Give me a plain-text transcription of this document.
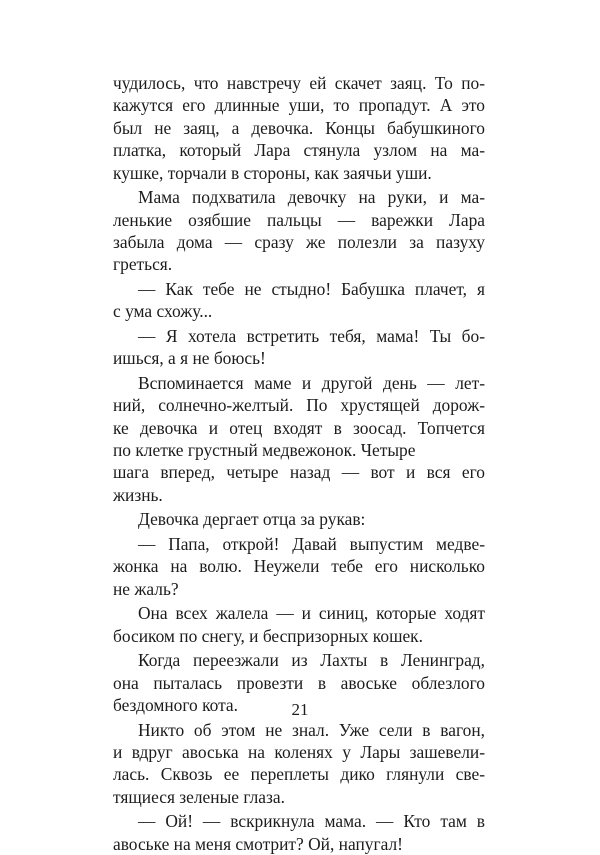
чудилось, что навстречу ей скачет заяц. То по-
кажутся его длинные уши, то пропадут. А это
был не заяц, а девочка. Концы бабушкиного
платка, который Лара стянула узлом на ма-
кушке, торчали в стороны, как заячьи уши.
Мама подхватила девочку на руки, и ма-
ленькие озябшие пальцы — варежки Лара
забыла дома — сразу же полезли за пазуху
греться.
— Как тебе не стыдно! Бабушка плачет, я
с ума схожу...
— Я хотела встретить тебя, мама! Ты бо-
ишься, а я не боюсь!
Вспоминается маме и другой день — лет-
ний, солнечно-желтый. По хрустящей дорож-
ке девочка и отец входят в зоосад. Топчется
по клетке грустный медвежонок. Четыре
шага вперед, четыре назад — вот и вся его
жизнь.
Девочка дергает отца за рукав:
— Папа, открой! Давай выпустим медве-
жонка на волю. Неужели тебе его нисколько
не жаль?
Она всех жалела — и синиц, которые ходят
босиком по снегу, и беспризорных кошек.
Когда переезжали из Лахты в Ленинград,
она пыталась провезти в авоське облезлого
бездомного кота.
Никто об этом не знал. Уже сели в вагон,
и вдруг авоська на коленях у Лары зашевели-
лась. Сквозь ее переплеты дико глянули све-
тящиеся зеленые глаза.
— Ой! — вскрикнула мама. — Кто там в
авоське на меня смотрит? Ой, напугал!
21
